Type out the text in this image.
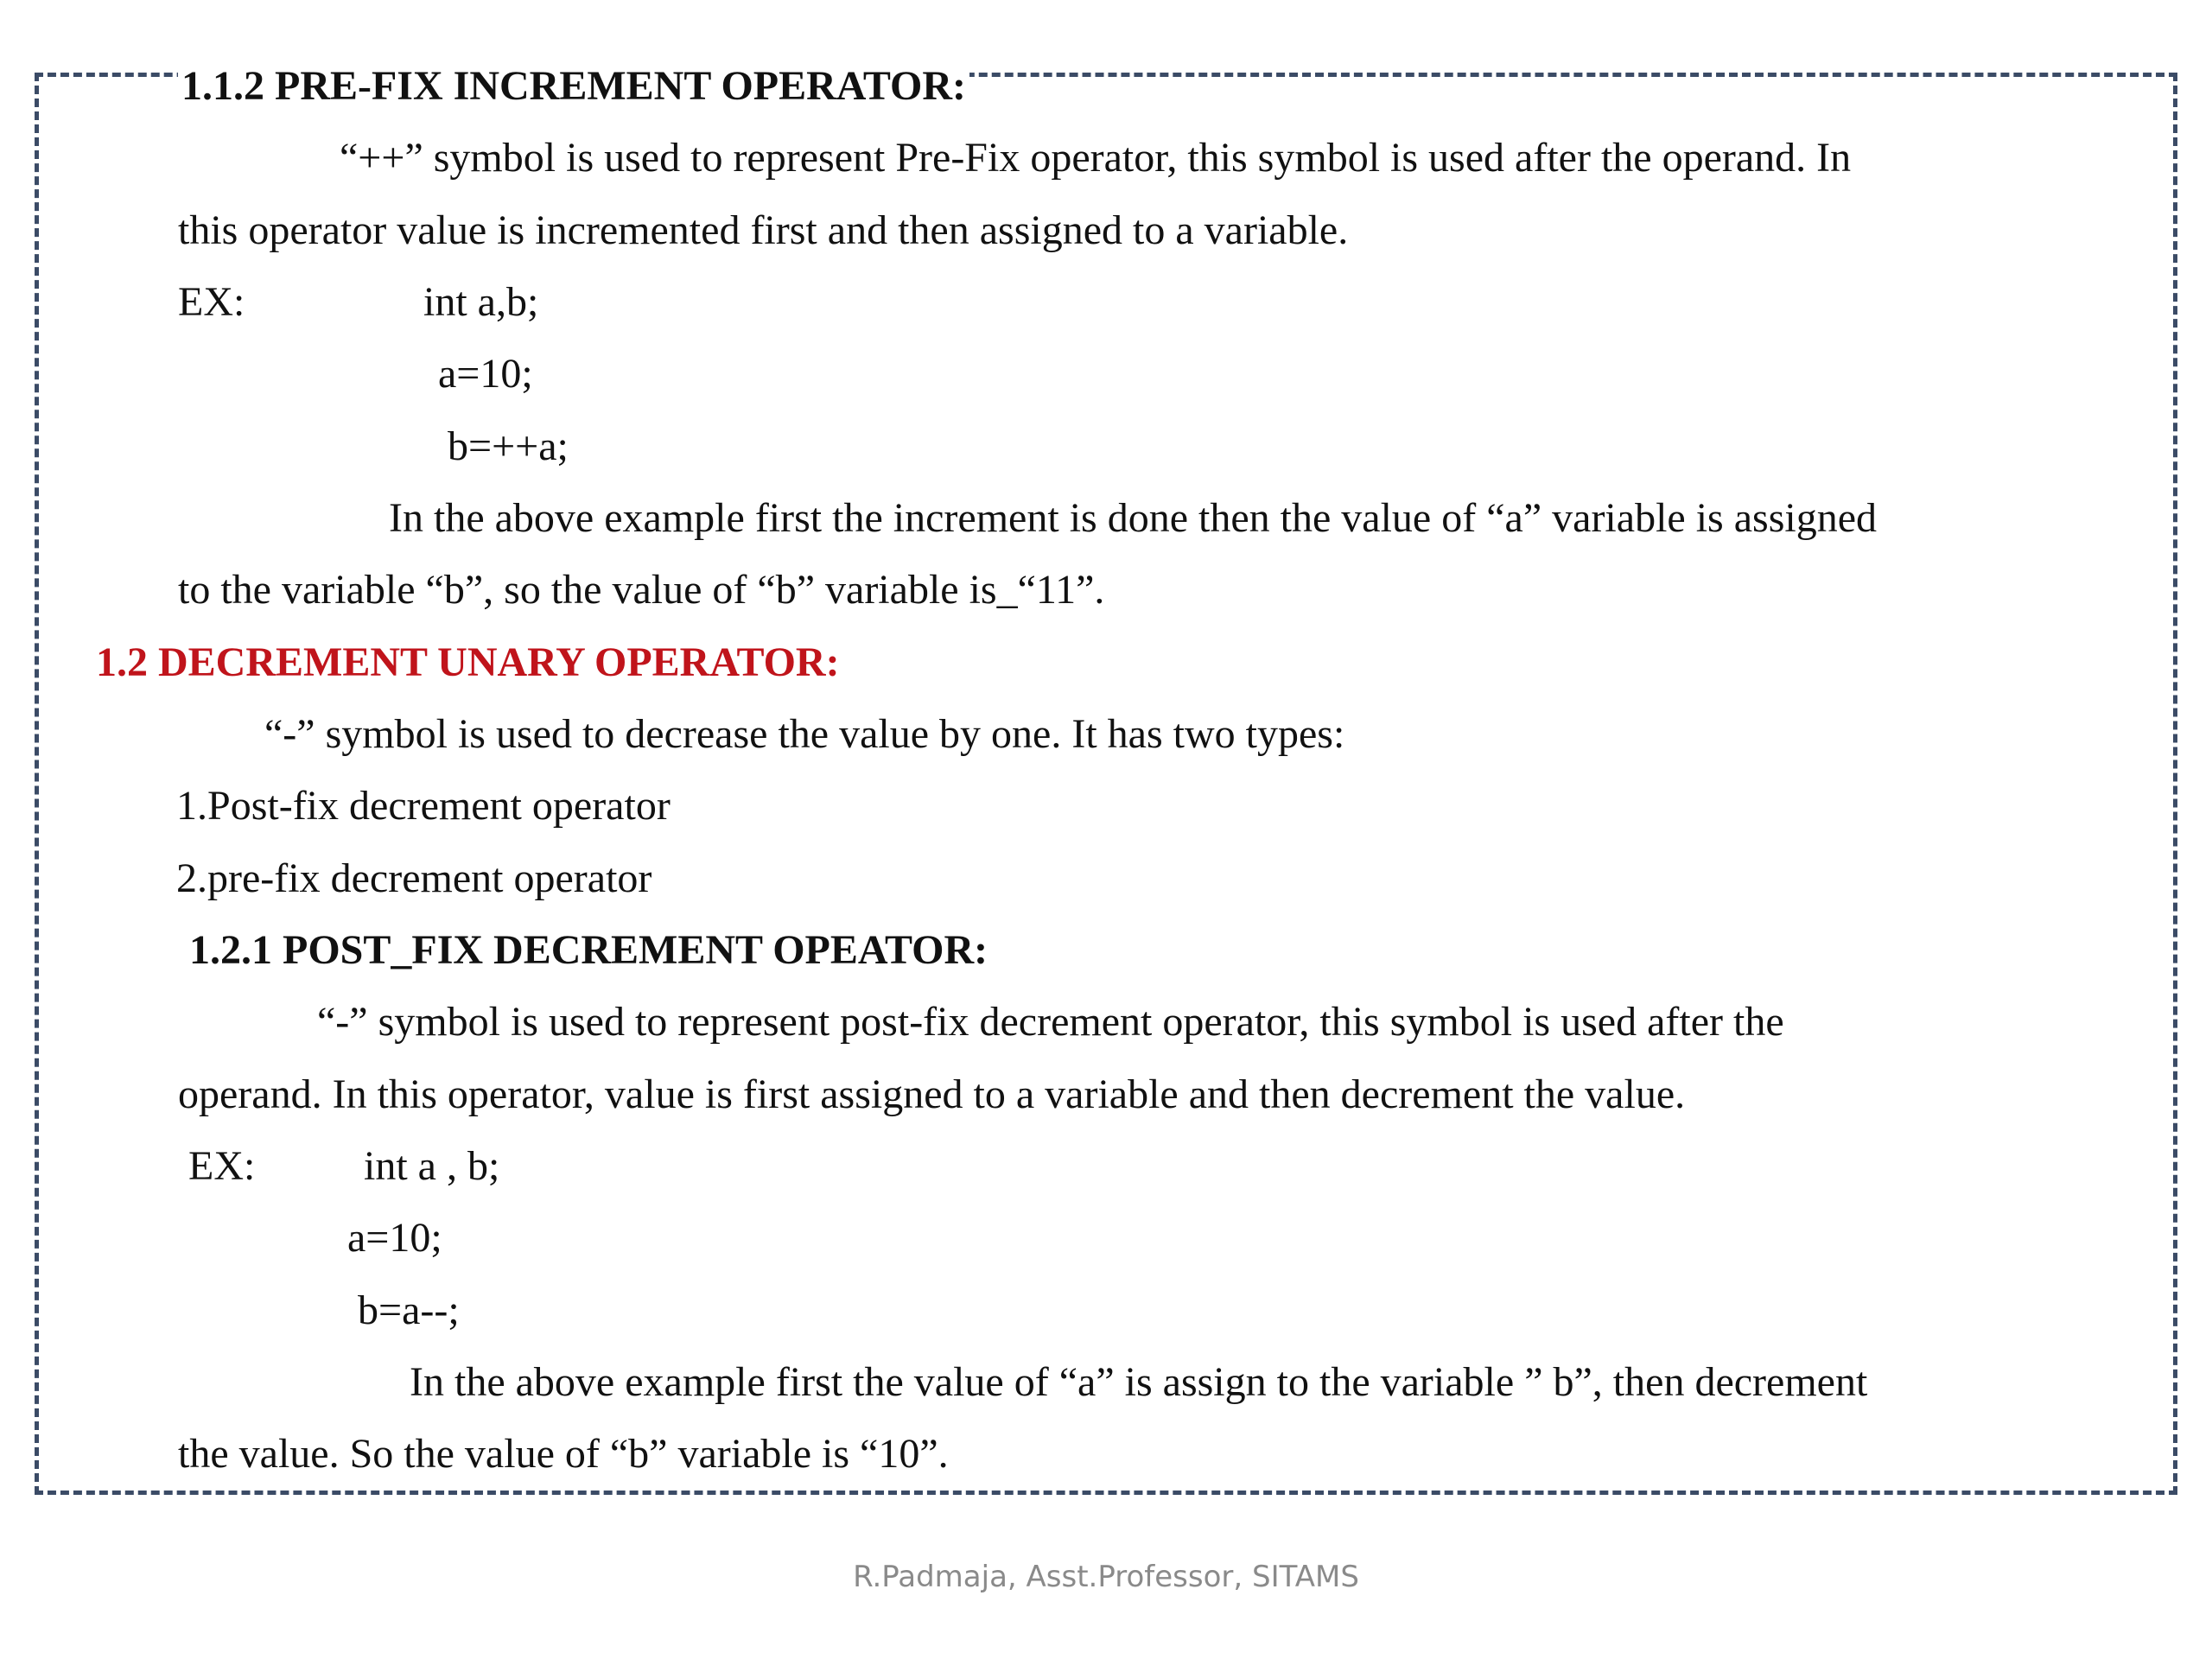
1.1.2 PRE-FIX INCREMENT OPERATOR:
“++” symbol is used to represent Pre-Fix operator, this symbol is used after the operand. In
this operator value is incremented first and then assigned to a variable.
EX:	int a,b;
a=10;
b=++a;
In the above example first the increment is done then the value of “a” variable is assigned
to the variable “b”, so the value of “b” variable is_“11”.
1.2 DECREMENT UNARY OPERATOR:
“-” symbol is used to decrease the value by one. It has two types:
1.Post-fix decrement operator
2.pre-fix decrement operator
1.2.1 POST_FIX DECREMENT OPEATOR:
“-” symbol is used to represent post-fix decrement operator, this symbol is used after the
operand. In this operator, value is first assigned to a variable and then decrement the value.
EX:	int a , b;
a=10;
b=a--;
In the above example first the value of “a” is assign to the variable ” b”, then decrement
the value. So the value of “b” variable is “10”.
R.Padmaja, Asst.Professor, SITAMS
